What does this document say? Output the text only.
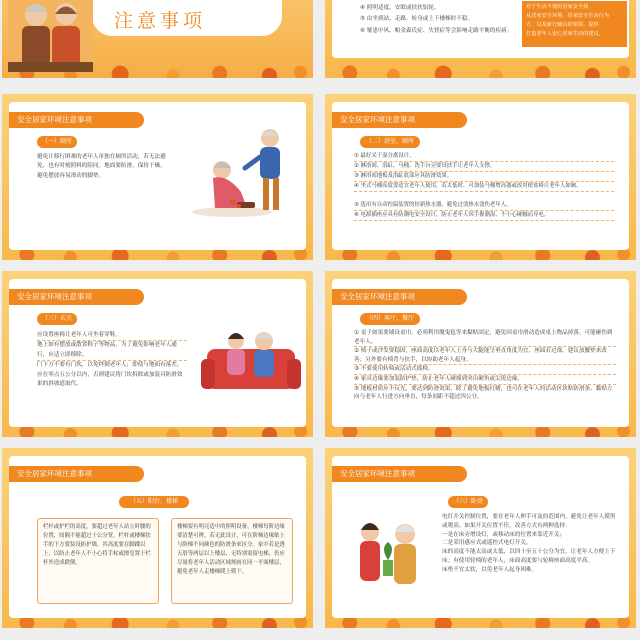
注意事项
④ 照明适度，安眠或扶扶铝轮。
⑤ 由坐到站、走路、转身或上下楼梯时不稳。
⑥ 罹患中风、帕金森氏症、失智症等会影响走路平衡的疾病。
对于生活不便的居家安全须
从居家安全环境、居家安全生活行为
方，以及新行辅具的要领、提供
打造老年人安心居家生活的建议。
安全居家环境注意事项
（一）厕所
避免让移行困难的老年人单独在厕所活动，若无法避免，也有时刻照料的陪同。地面要防滑，保持干燥，避免摆放容易滑动的脚垫。
安全居家环境注意事项
（二）浴室、厕所
① 最好采干湿分离设计。
② 淋浴间、浴缸、马桶、洗手台旁要设扶手让老年人支撑。
③ 淋浴间地板及浴缸底部应具防滑效果。
④ 坐式马桶高度要适宜老年人使用，若太低时，可加装马桶增高器或改用便盆椅让老年人如厕。
⑤ 选用有自动控温装置的恒新热水器，避免过烫热水烫伤老年人。
⑥ 电源插座应具有防潮电安全设计，防止老年人因手握潮湿、不小心碰触而导电。
安全居家环境注意事项
（三）玄关
应设置座椅让老年人可坐着穿鞋。
地上如有摆放或散置鞋子等物品，为了避免影响老年人通行，应适立即移除。
门下方不要有门坎，以免绊倒老年人；即使与地面有落差，应在零点五公分以内，否则建议将门坎拆除或加装具防滑效果的斜坡道取代。
安全居家环境注意事项
（四）客厅、餐厅
① 桌子如果要铺设桌巾，必须利用魔鬼毡等来黏贴固定，避免因桌巾滑动造成桌上物品掉落，可能砸伤到老年人。
② 椅子或沙发要稳固，座面高度以老年人上身与大腿能呈垂直角度为宜，座面若过深，建议放腰垫来改善；另外要有椅背与扶手，以协助老年人起身。
③ 不要使用转椅或活动式摇椅。
④ 家具边缘要加装防护垫，防止老年人碰撞到突出硬角或尖锐边缘。
⑤ 地板材质应不反光，要达到防滑效果，除了避免地板打蜡，也可在老年人的活动区块贴防滑条、黏贴方向与老年人行进方向垂直，每条间距不超过四公分。
安全居家环境注意事项
（五）阳台、楼梯
栏杆或护栏的高度，要超过老年人站立时腰的位置，间隔不能超过十公分宽，栏杆或楼梯扶手的下方要装设防护墙，其高度要在脚踝以上，以防止老年人不小心将手杖或擦皂置于栏杆外造成跌倒。
楼梯要有明亮适中的照明设备，楼梯每阶边缘要清楚可辨，若无此设计，可在阶梯边缘贴上与阶梯不同颜色的防滑条来区分。家中若是透天厝等两层以上楼层，无特别需留电梯，仍应尽量将老年人活动区域规画在同一平面楼层，避免老年人走楼梯爬上爬下。
安全居家环境注意事项
（六）卧房
电灯开关控制位置，要在老年人伸手可及的范围内，避免让老年人摸黑或爬高。如果开关位置不佳，改善方式有两种选择：
一是在床旁增设灯，或移动床的位置来靠近开关；
二是采用感应式或遥控式电灯开关。
床的高度不能太高或太低，以四十至五十公分为宜，让老年人方便上下床；有使用轮椅的老年人，床面高度要与轮椅座面高度平高。
床垫不宜太软，以免老年人起身困难。
